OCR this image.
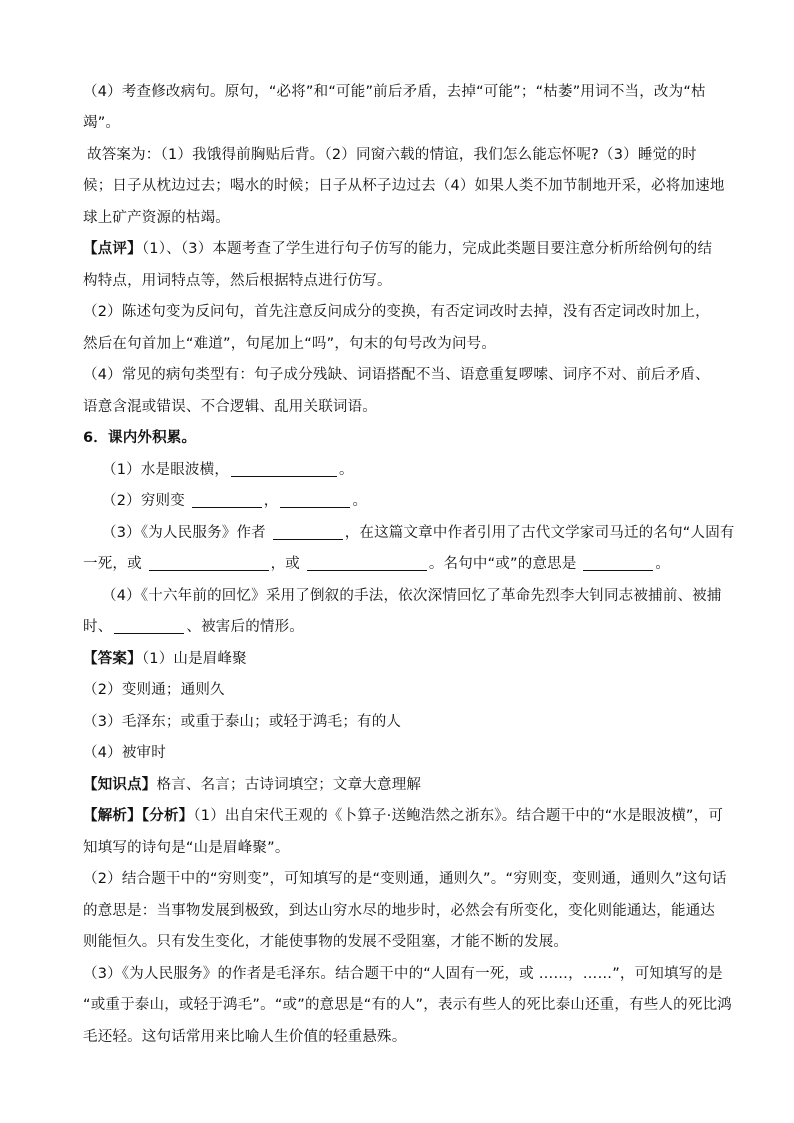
（4）考查修改病句。原句，“必将”和“可能”前后矛盾，去掉“可能”；“枯萎”用词不当，改为“枯
竭”。
故答案为：（1）我饿得前胸贴后背。（2）同窗六载的情谊，我们怎么能忘怀呢?（3）睡觉的时
候；日子从枕边过去；喝水的时候；日子从杯子边过去（4）如果人类不加节制地开采，必将加速地
球上矿产资源的枯竭。
【点评】（1）、（3）本题考查了学生进行句子仿写的能力，完成此类题目要注意分析所给例句的结
构特点，用词特点等，然后根据特点进行仿写。
（2）陈述句变为反问句，首先注意反问成分的变换，有否定词改时去掉，没有否定词改时加上，
然后在句首加上“难道”，句尾加上“吗”，句末的句号改为问号。
（4）常见的病句类型有：句子成分残缺、词语搭配不当、语意重复啰嗦、词序不对、前后矛盾、
语意含混或错误、不合逻辑、乱用关联词语。
6．课内外积累。
（1）水是眼波横，	。
（2）穷则变	，	。
（3）《为人民服务》作者	，在这篇文章中作者引用了古代文学家司马迁的名句“人固有
一死，或	，或	。名句中“或”的意思是	。
（4）《十六年前的回忆》采用了倒叙的手法，依次深情回忆了革命先烈李大钊同志被捕前、被捕
时、	、被害后的情形。
【答案】（1）山是眉峰聚
（2）变则通；通则久
（3）毛泽东；或重于泰山；或轻于鸿毛；有的人
（4）被审时
【知识点】格言、名言；古诗词填空；文章大意理解
【解析】【分析】（1）出自宋代王观的《卜算子·送鲍浩然之浙东》。结合题干中的“水是眼波横”，可
知填写的诗句是“山是眉峰聚”。
（2）结合题干中的“穷则变”，可知填写的是“变则通，通则久”。“穷则变，变则通，通则久”这句话
的意思是：当事物发展到极致，到达山穷水尽的地步时，必然会有所变化，变化则能通达，能通达
则能恒久。只有发生变化，才能使事物的发展不受阻塞，才能不断的发展。
（3）《为人民服务》的作者是毛泽东。结合题干中的“人固有一死，或 ……，……”，可知填写的是
“或重于泰山，或轻于鸿毛”。“或”的意思是“有的人”，表示有些人的死比泰山还重，有些人的死比鸿
毛还轻。这句话常用来比喻人生价值的轻重悬殊。
